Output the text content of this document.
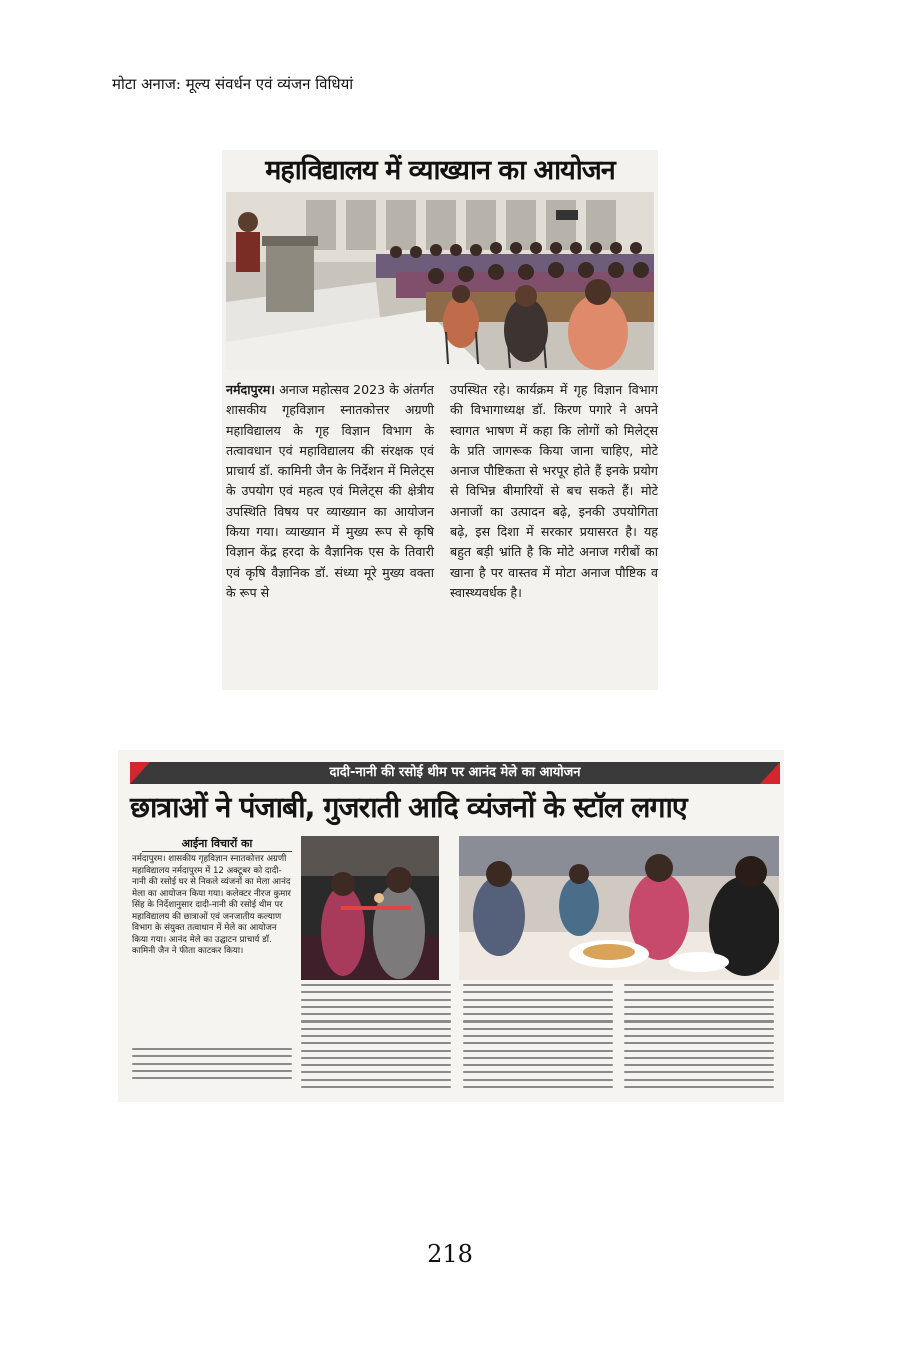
मोटा अनाज: मूल्य संवर्धन एवं व्यंजन विधियां
महाविद्यालय में व्याख्यान का आयोजन
नर्मदापुरम। अनाज महोत्सव 2023 के अंतर्गत शासकीय गृहविज्ञान स्नातकोत्तर अग्रणी महाविद्यालय के गृह विज्ञान विभाग के तत्वावधान एवं महाविद्यालय की संरक्षक एवं प्राचार्य डॉ. कामिनी जैन के निर्देशन में मिलेट्स के उपयोग एवं महत्व एवं मिलेट्स की क्षेत्रीय उपस्थिति विषय पर व्याख्यान का आयोजन किया गया। व्याख्यान में मुख्य रूप से कृषि विज्ञान केंद्र हरदा के वैज्ञानिक एस के तिवारी एवं कृषि वैज्ञानिक डॉ. संध्या मूरे मुख्य वक्ता के रूप से
उपस्थित रहे। कार्यक्रम में गृह विज्ञान विभाग की विभागाध्यक्ष डॉ. किरण पगारे ने अपने स्वागत भाषण में कहा कि लोगों को मिलेट्स के प्रति जागरूक किया जाना चाहिए, मोटे अनाज पौष्टिकता से भरपूर होते हैं इनके प्रयोग से विभिन्न बीमारियों से बच सकते हैं। मोटे अनाजों का उत्पादन बढ़े, इनकी उपयोगिता बढ़े, इस दिशा में सरकार प्रयासरत है। यह बहुत बड़ी भ्रांति है कि मोटे अनाज गरीबों का खाना है पर वास्तव में मोटा अनाज पौष्टिक व स्वास्थ्यवर्धक है।
दादी-नानी की रसोई थीम पर आनंद मेले का आयोजन
छात्राओं ने पंजाबी, गुजराती आदि व्यंजनों के स्टॉल लगाए
आईना विचारों का
नर्मदापुरम। शासकीय गृहविज्ञान स्नातकोत्तर अग्रणी महाविद्यालय नर्मदापुरम में 12 अक्टूबर को दादी-नानी की रसोई घर से निकले व्यंजनों का मेला आनंद मेला का आयोजन किया गया। कलेक्टर नीरज कुमार सिंह के निर्देशानुसार दादी-नानी की रसोई थीम पर महाविद्यालय की छात्राओं एवं जनजातीय कल्याण विभाग के संयुक्त तत्वाधान में मेले का आयोजन किया गया। आनंद मेले का उद्घाटन प्राचार्य डॉ. कामिनी जैन ने फीता काटकर किया।
218
